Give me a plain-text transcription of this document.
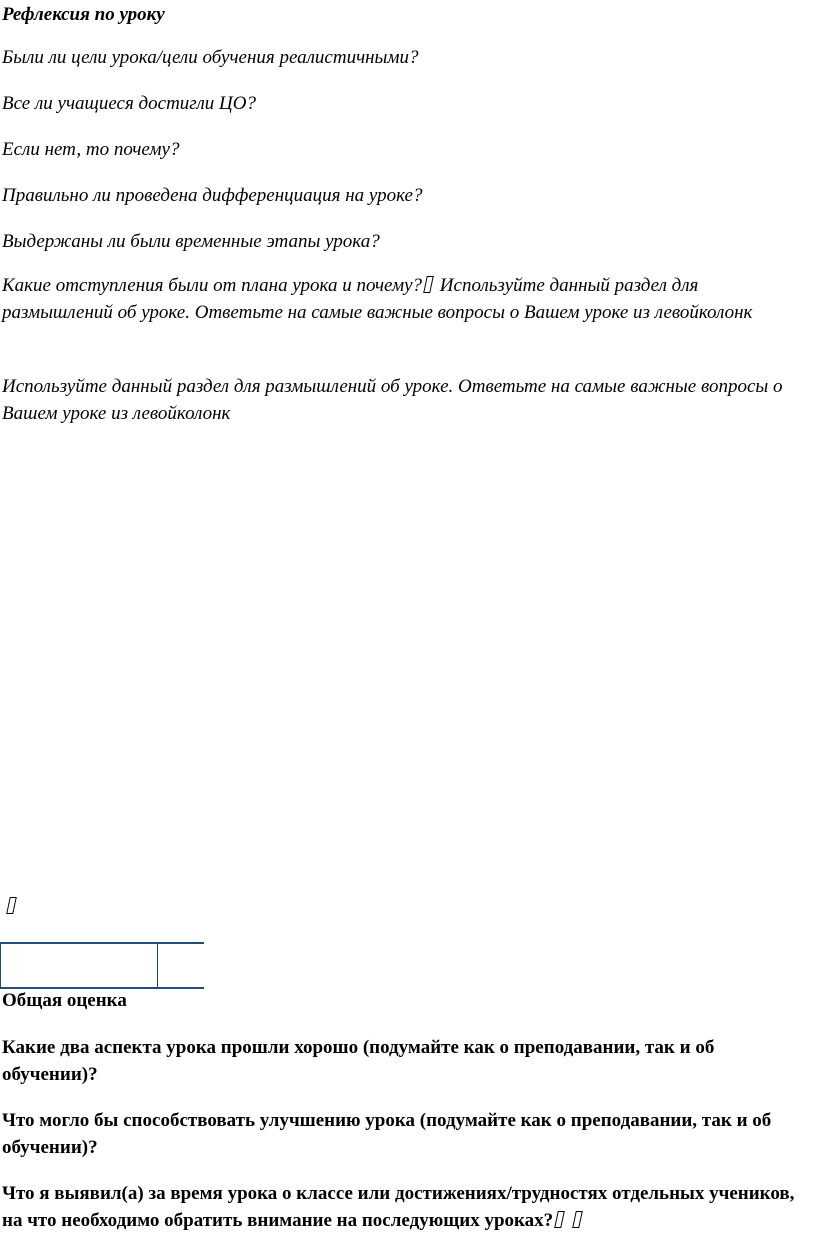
Рефлексия по уроку

Были ли цели урока/цели обучения реалистичными?

Все ли учащиеся достигли ЦО?

Если нет, то почему?

Правильно ли проведена дифференциация на уроке?

Выдержаны ли были временные этапы урока?

Какие отступления были от плана урока и почему? Используйте данный раздел для размышлений об уроке. Ответьте на самые важные вопросы о Вашем уроке из левойколонк

Используйте данный раздел для размышлений об уроке. Ответьте на самые важные вопросы о Вашем уроке из левойколонк

Общая оценка

Какие два аспекта урока прошли хорошо (подумайте как о преподавании, так и об обучении)?

Что могло бы способствовать улучшению урока (подумайте как о преподавании, так и об обучении)?

Что я выявил(а) за время урока о классе или достижениях/трудностях отдельных учеников, на что необходимо обратить внимание на последующих уроках?
